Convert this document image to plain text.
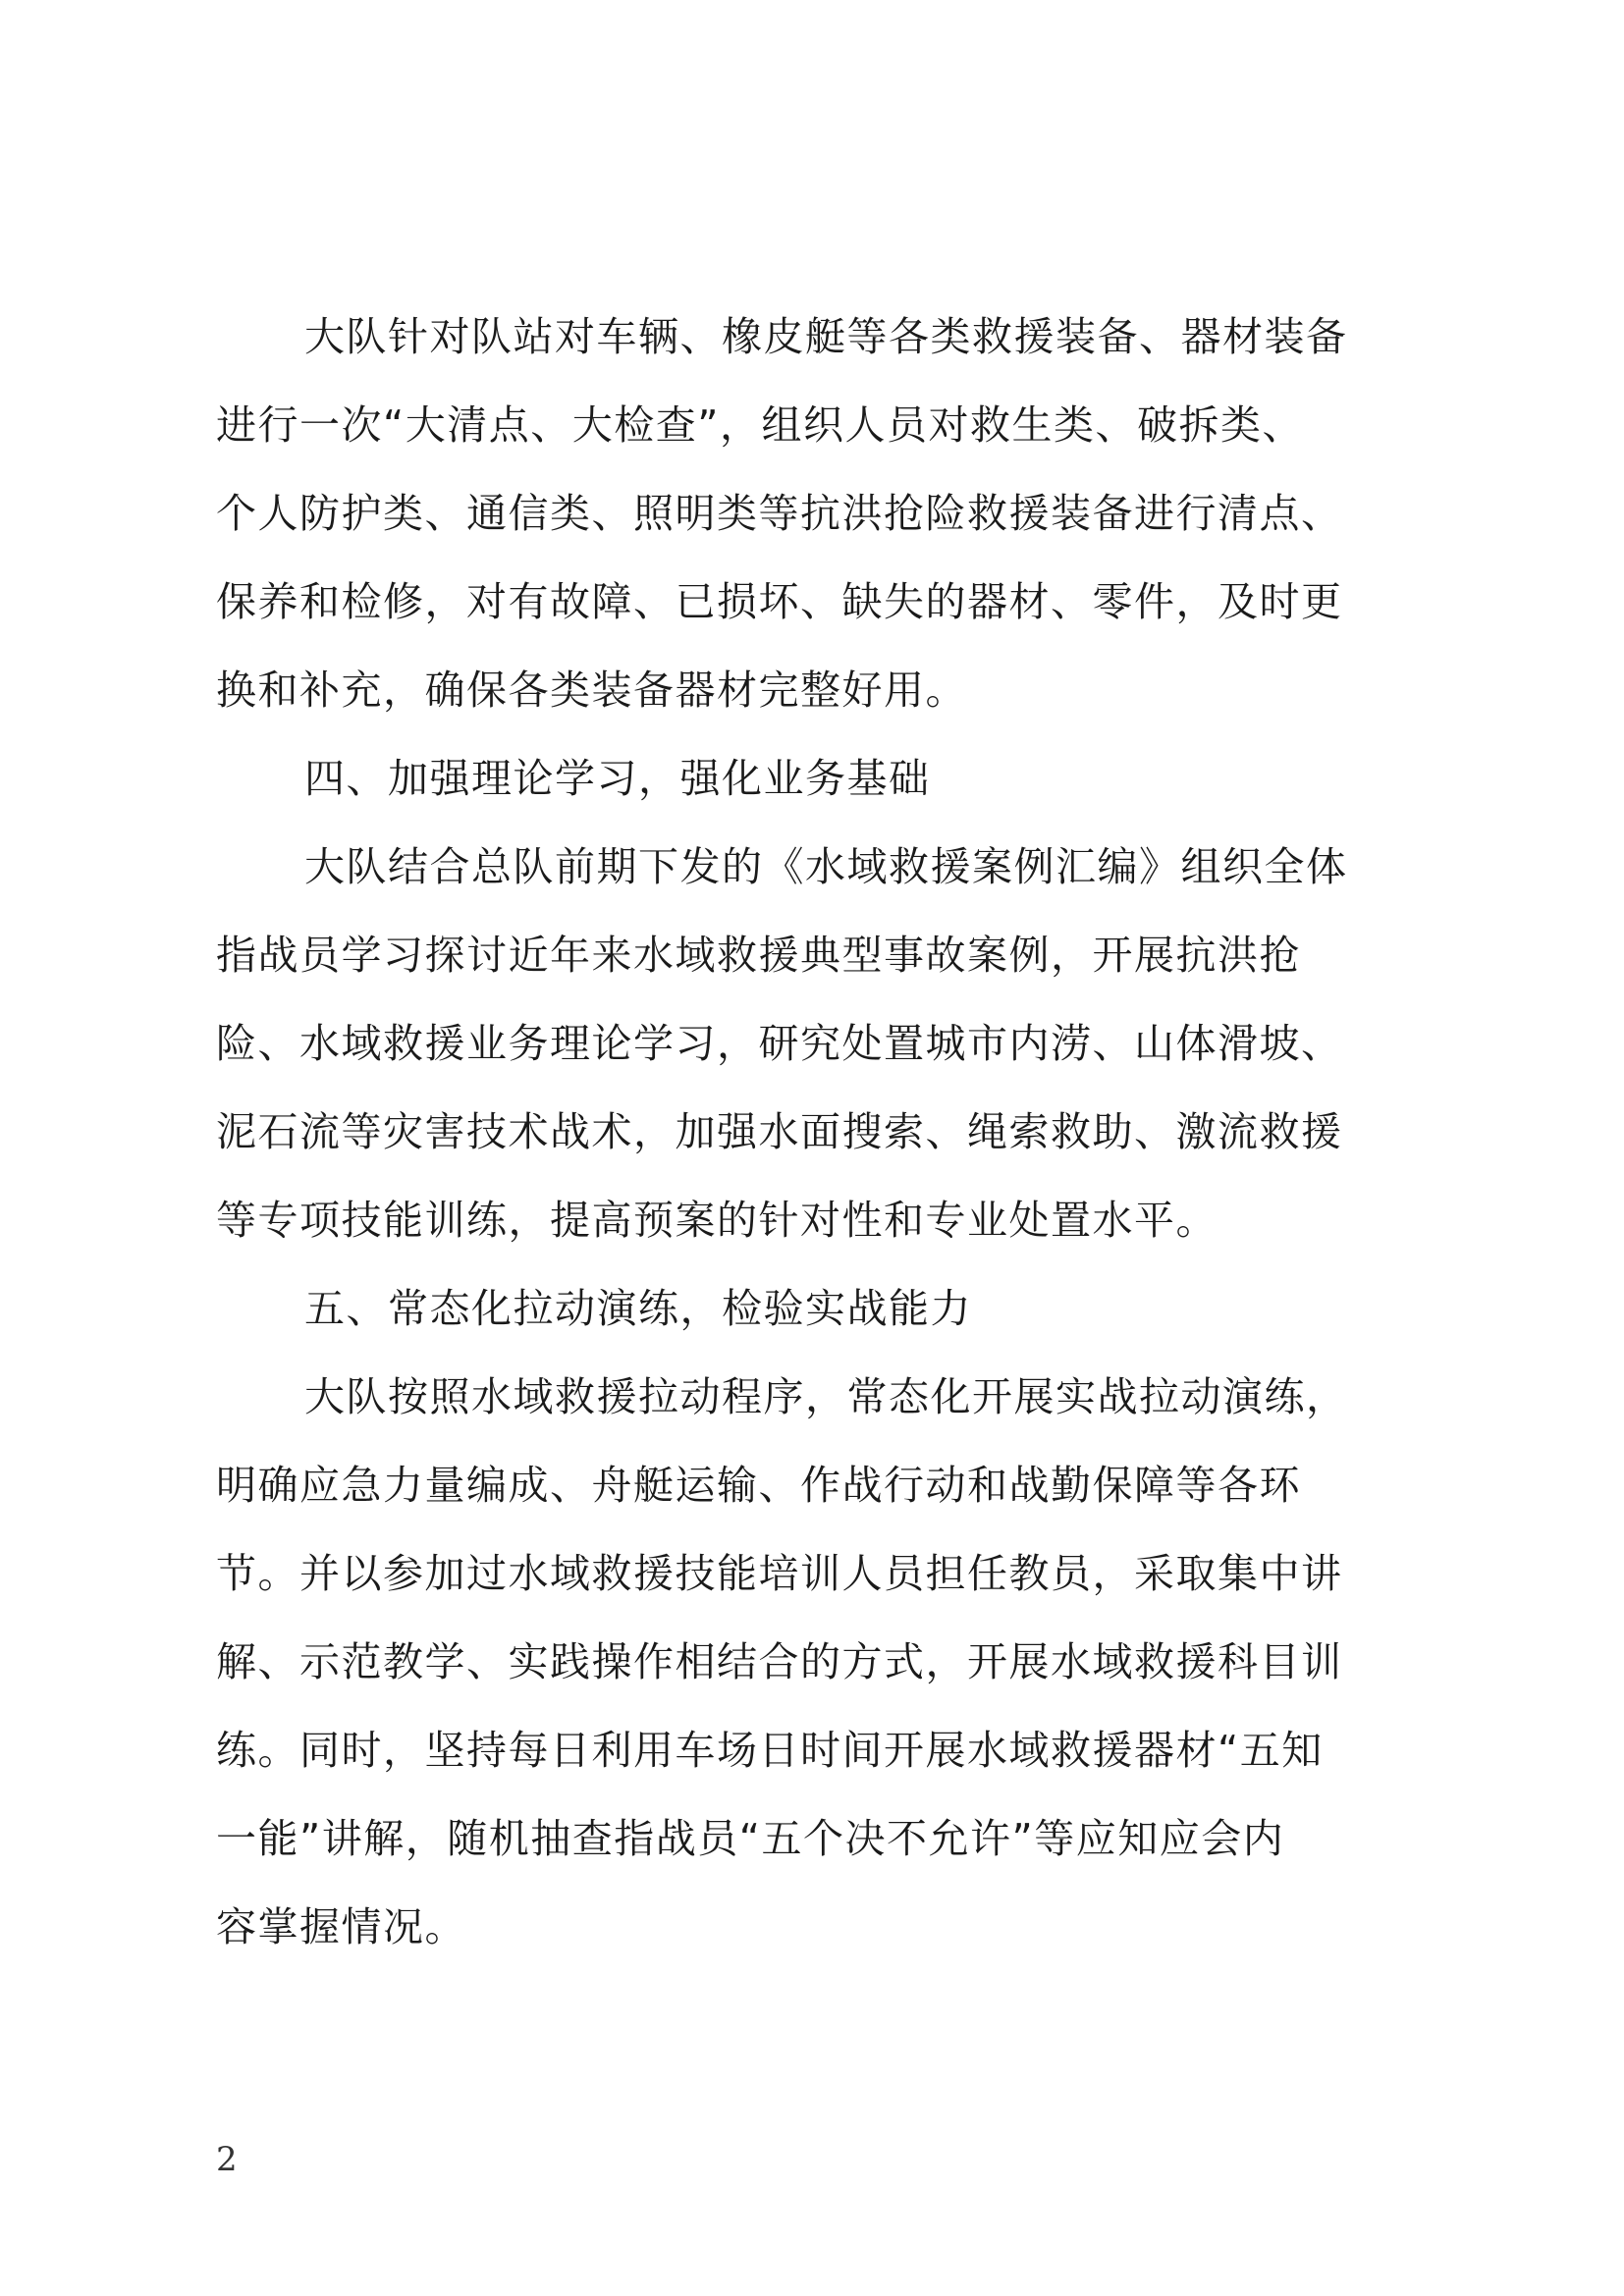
大队针对队站对车辆、橡皮艇等各类救援装备、器材装备
进行一次“大清点、大检查”，组织人员对救生类、破拆类、
个人防护类、通信类、照明类等抗洪抢险救援装备进行清点、
保养和检修，对有故障、已损坏、缺失的器材、零件，及时更
换和补充，确保各类装备器材完整好用。
四、加强理论学习，强化业务基础
大队结合总队前期下发的《水域救援案例汇编》组织全体
指战员学习探讨近年来水域救援典型事故案例，开展抗洪抢
险、水域救援业务理论学习，研究处置城市内涝、山体滑坡、
泥石流等灾害技术战术，加强水面搜索、绳索救助、激流救援
等专项技能训练，提高预案的针对性和专业处置水平。
五、常态化拉动演练，检验实战能力
大队按照水域救援拉动程序，常态化开展实战拉动演练，
明确应急力量编成、舟艇运输、作战行动和战勤保障等各环
节。并以参加过水域救援技能培训人员担任教员，采取集中讲
解、示范教学、实践操作相结合的方式，开展水域救援科目训
练。同时，坚持每日利用车场日时间开展水域救援器材“五知
一能”讲解，随机抽查指战员“五个决不允许”等应知应会内
容掌握情况。
2
